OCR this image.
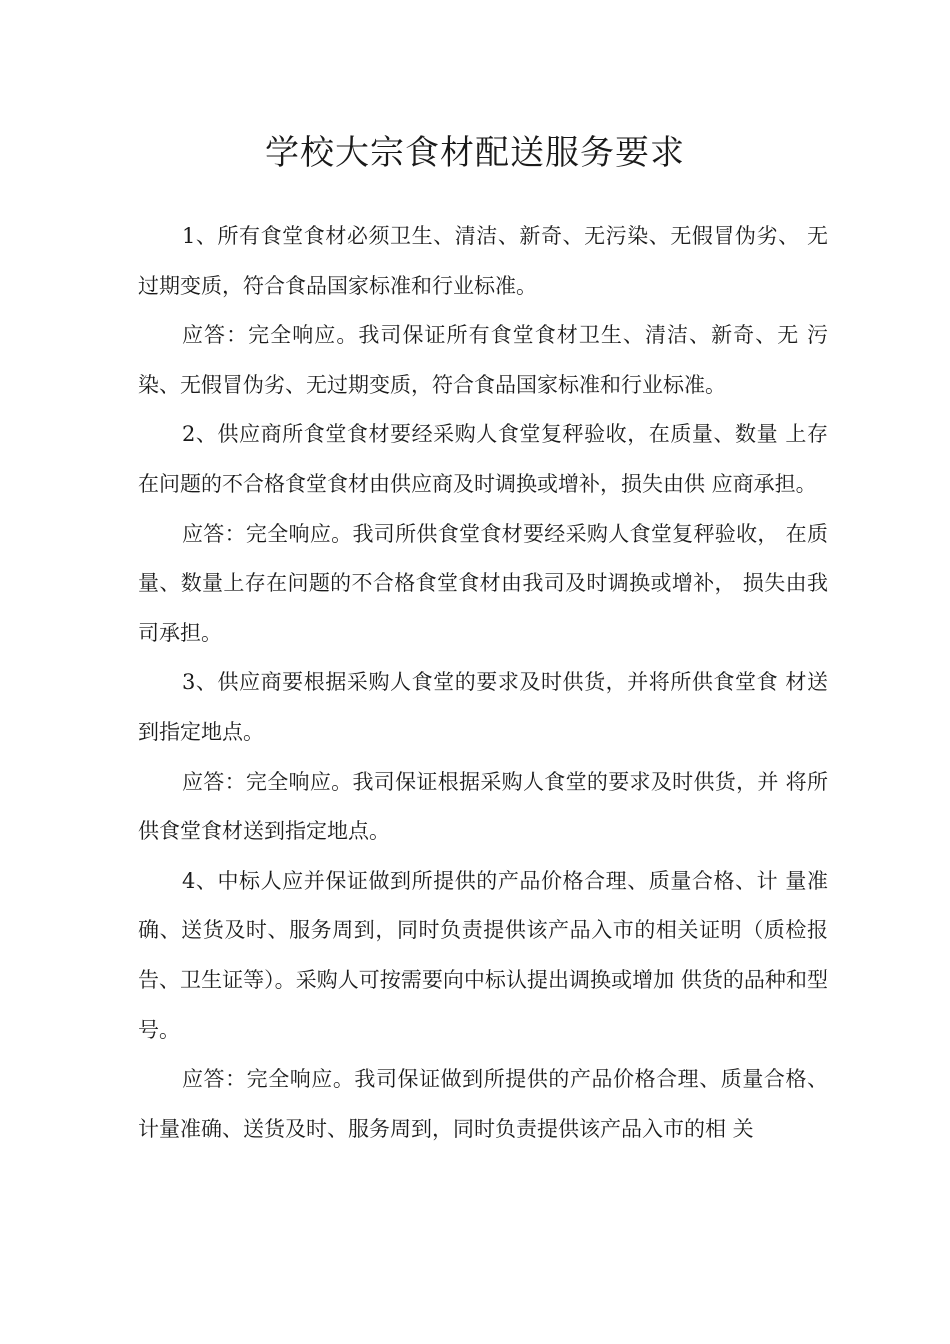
学校大宗食材配送服务要求

1、所有食堂食材必须卫生、清洁、新奇、无污染、无假冒伪劣、 无过期变质，符合食品国家标准和行业标准。

应答：完全响应。我司保证所有食堂食材卫生、清洁、新奇、无 污染、无假冒伪劣、无过期变质，符合食品国家标准和行业标准。

2、供应商所食堂食材要经采购人食堂复秤验收，在质量、数量 上存在问题的不合格食堂食材由供应商及时调换或增补，损失由供 应商承担。

应答：完全响应。我司所供食堂食材要经采购人食堂复秤验收， 在质量、数量上存在问题的不合格食堂食材由我司及时调换或增补， 损失由我司承担。

3、供应商要根据采购人食堂的要求及时供货，并将所供食堂食 材送到指定地点。

应答：完全响应。我司保证根据采购人食堂的要求及时供货，并 将所供食堂食材送到指定地点。

4、中标人应并保证做到所提供的产品价格合理、质量合格、计 量准确、送货及时、服务周到，同时负责提供该产品入市的相关证明（质检报告、卫生证等）。采购人可按需要向中标认提出调换或增加 供货的品种和型号。

应答：完全响应。我司保证做到所提供的产品价格合理、质量合格、计量准确、送货及时、服务周到，同时负责提供该产品入市的相 关
